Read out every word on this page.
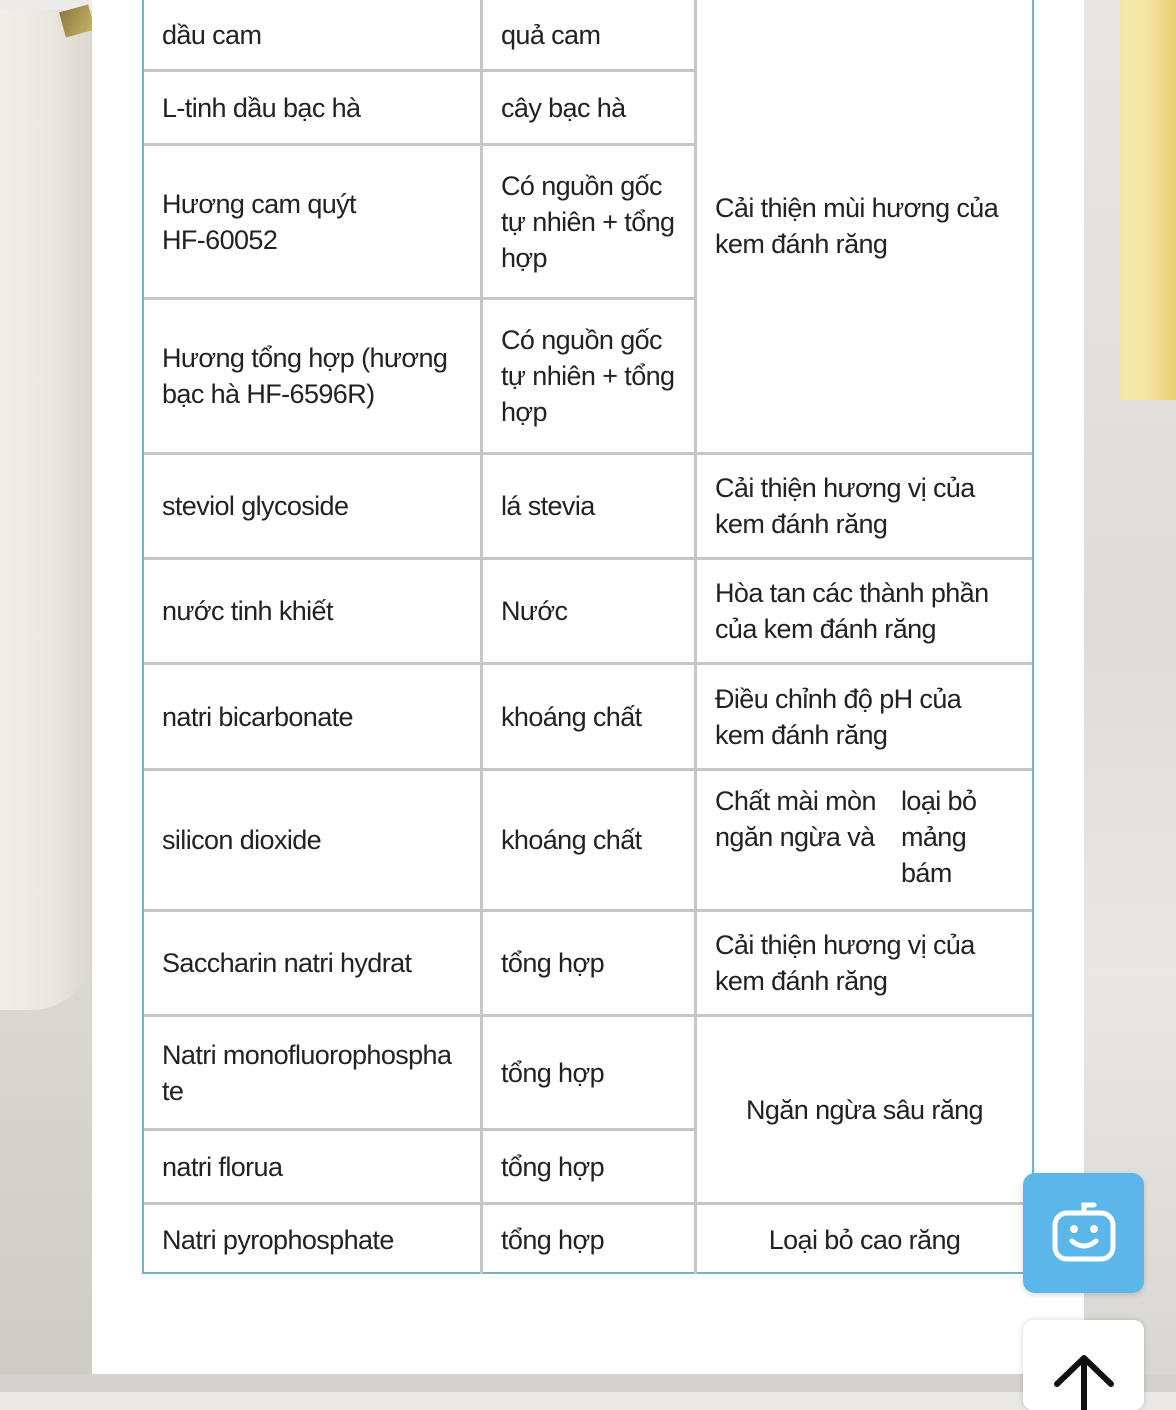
dầu cam
L-tinh dầu bạc hà
Hương cam quýt HF-60052
Hương tổng hợp (hương bạc hà HF-6596R)
steviol glycoside
nước tinh khiết
natri bicarbonate
silicon dioxide
Saccharin natri hydrat
Natri monofluorophosphate
natri florua
Natri pyrophosphate
quả cam
cây bạc hà
Có nguồn gốc tự nhiên + tổng hợp
Có nguồn gốc tự nhiên + tổng hợp
lá stevia
Nước
khoáng chất
khoáng chất
tổng hợp
tổng hợp
tổng hợp
tổng hợp
Cải thiện mùi hương của kem đánh răng
Cải thiện hương vị của kem đánh răng
Hòa tan các thành phần của kem đánh răng
Điều chỉnh độ pH của kem đánh răng
Chất mài mòn ngăn ngừa và
loại bỏ mảng bám
Cải thiện hương vị của kem đánh răng
Ngăn ngừa sâu răng
Loại bỏ cao răng
